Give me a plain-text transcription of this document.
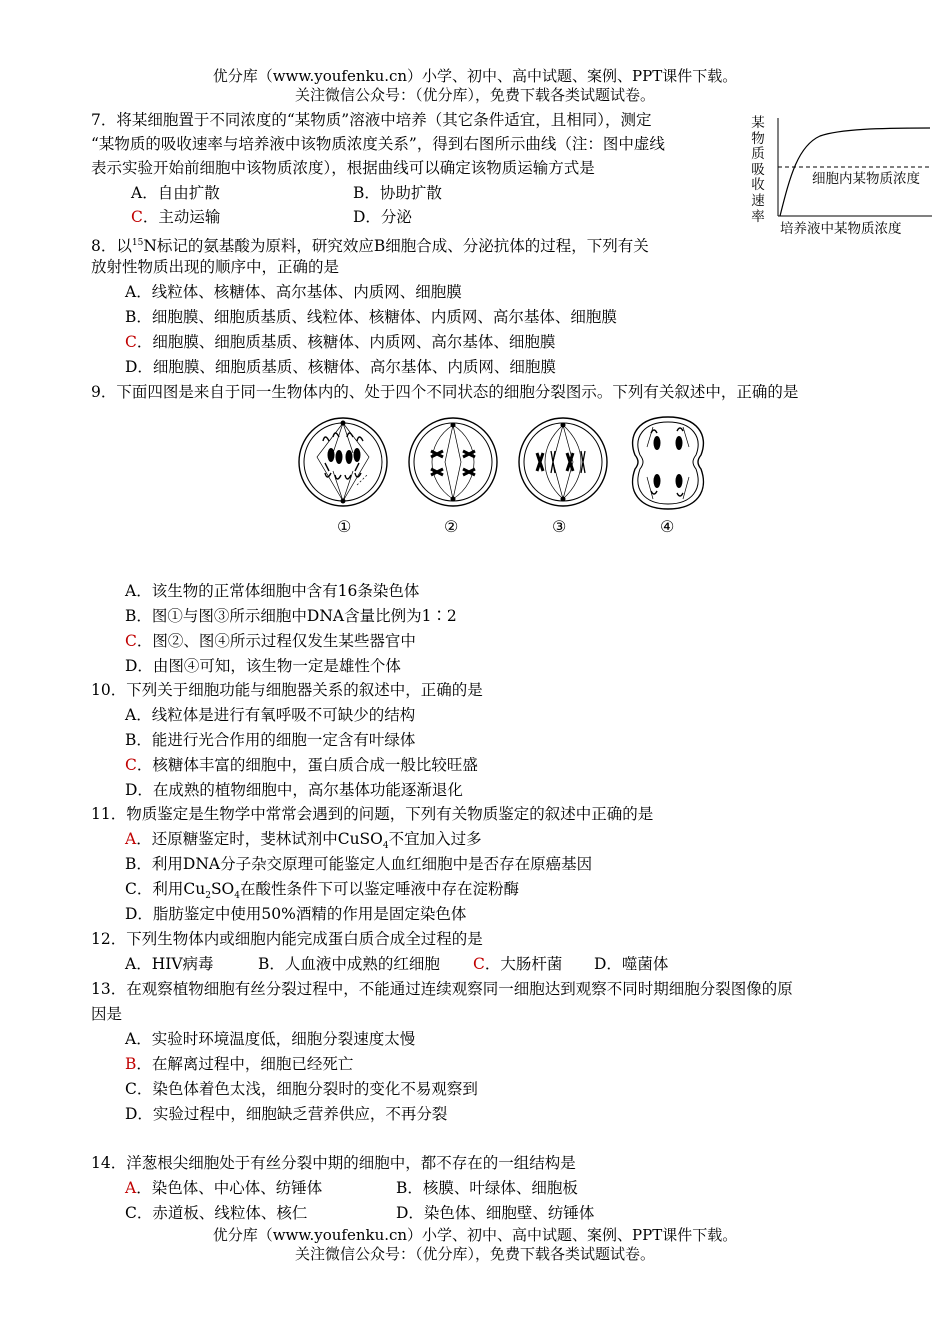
优分库（www.youfenku.cn）小学、初中、高中试题、案例、PPT课件下载。
关注微信公众号：（优分库），免费下载各类试题试卷。
7．将某细胞置于不同浓度的“某物质”溶液中培养（其它条件适宜，且相同），测定
“某物质的吸收速率与培养液中该物质浓度关系”，得到右图所示曲线（注：图中虚线
表示实验开始前细胞中该物质浓度），根据曲线可以确定该物质运输方式是
A．自由扩散	B．协助扩散
C．主动运输	D．分泌
某
物
质
吸
收
速
率
细胞内某物质浓度
培养液中某物质浓度
8．以$^{15}$N标记的氨基酸为原料，研究效应B细胞合成、分泌抗体的过程，下列有关
放射性物质出现的顺序中，正确的是
A．线粒体、核糖体、高尔基体、内质网、细胞膜
B．细胞膜、细胞质基质、线粒体、核糖体、内质网、高尔基体、细胞膜
C．细胞膜、细胞质基质、核糖体、内质网、高尔基体、细胞膜
D．细胞膜、细胞质基质、核糖体、高尔基体、内质网、细胞膜
9．下面四图是来自于同一生物体内的、处于四个不同状态的细胞分裂图示。下列有关叙述中，正确的是
①	②	③	④
A．该生物的正常体细胞中含有16条染色体
B．图①与图③所示细胞中DNA含量比例为1∶2
C．图②、图④所示过程仅发生某些器官中
D．由图④可知，该生物一定是雄性个体
10．下列关于细胞功能与细胞器关系的叙述中，正确的是
A．线粒体是进行有氧呼吸不可缺少的结构
B．能进行光合作用的细胞一定含有叶绿体
C．核糖体丰富的细胞中，蛋白质合成一般比较旺盛
D．在成熟的植物细胞中，高尔基体功能逐渐退化
11．物质鉴定是生物学中常常会遇到的问题，下列有关物质鉴定的叙述中正确的是
A．还原糖鉴定时，斐林试剂中CuSO$_4$不宜加入过多
B．利用DNA分子杂交原理可能鉴定人血红细胞中是否存在原癌基因
C．利用$Cu_2SO_4$在酸性条件下可以鉴定唾液中存在淀粉酶
D．脂肪鉴定中使用50%酒精的作用是固定染色体
12．下列生物体内或细胞内能完成蛋白质合成全过程的是
A．HIV病毒	B．人血液中成熟的红细胞 C．大肠杆菌 D．噬菌体
13．在观察植物细胞有丝分裂过程中，不能通过连续观察同一细胞达到观察不同时期细胞分裂图像的原
因是
A．实验时环境温度低，细胞分裂速度太慢
B．在解离过程中，细胞已经死亡
C．染色体着色太浅，细胞分裂时的变化不易观察到
D．实验过程中，细胞缺乏营养供应，不再分裂
14．洋葱根尖细胞处于有丝分裂中期的细胞中，都不存在的一组结构是
A．染色体、中心体、纺锤体	B．核膜、叶绿体、细胞板
C．赤道板、线粒体、核仁	D．染色体、细胞壁、纺锤体
优分库（www.youfenku.cn）小学、初中、高中试题、案例、PPT课件下载。
关注微信公众号：（优分库），免费下载各类试题试卷。
